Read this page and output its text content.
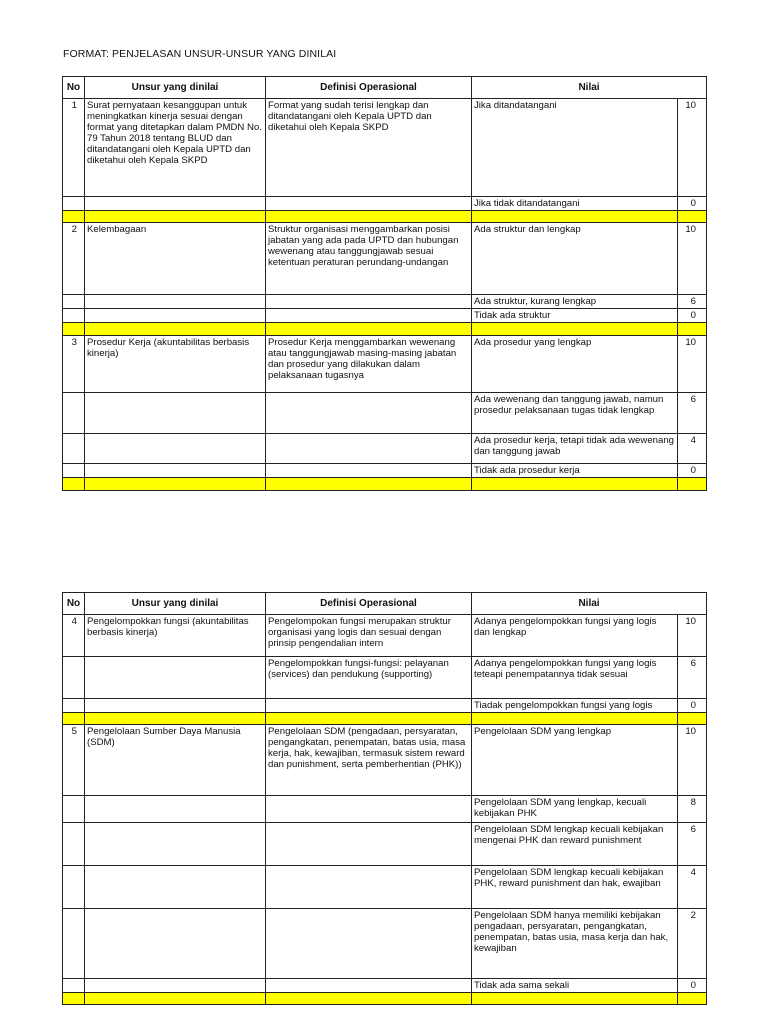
FORMAT: PENJELASAN UNSUR-UNSUR YANG DINILAI
No	Unsur yang dinilai	Definisi Operasional	Nilai	
1	Surat pernyataan kesanggupan untuk meningkatkan kinerja sesuai dengan format yang ditetapkan dalam PMDN No. 79 Tahun 2018 tentang BLUD dan ditandatangani oleh Kepala UPTD dan diketahui oleh Kepala SKPD	Format yang sudah terisi lengkap dan ditandatangani oleh Kepala UPTD dan diketahui oleh Kepala SKPD	Jika ditandatangani	10
			Jika tidak ditandatangani	0

2	Kelembagaan	Struktur organisasi menggambarkan posisi jabatan yang ada pada UPTD dan hubungan wewenang atau tanggungjawab sesuai ketentuan peraturan perundang-undangan	Ada struktur dan lengkap	10
			Ada struktur, kurang lengkap	6
			Tidak ada struktur	0

3	Prosedur Kerja (akuntabilitas berbasis kinerja)	Prosedur Kerja menggambarkan wewenang atau tanggungjawab masing-masing jabatan dan prosedur yang dilakukan dalam pelaksanaan tugasnya	Ada prosedur yang lengkap	10
			Ada wewenang dan tanggung jawab, namun prosedur pelaksanaan tugas tidak lengkap	6
			Ada prosedur kerja, tetapi tidak ada wewenang dan tanggung jawab	4
			Tidak ada prosedur kerja	0

No	Unsur yang dinilai	Definisi Operasional	Nilai	
4	Pengelompokkan fungsi (akuntabilitas berbasis kinerja)	Pengelompokan fungsi merupakan struktur organisasi yang logis dan sesuai dengan prinsip pengendalian intern	Adanya pengelompokkan fungsi yang logis dan lengkap	10
		Pengelompokkan fungsi-fungsi: pelayanan (services) dan pendukung (supporting)	Adanya pengelompokkan fungsi yang logis teteapi penempatannya tidak sesuai	6
			Tiadak pengelompokkan fungsi yang logis	0

5	Pengelolaan Sumber Daya Manusia (SDM)	Pengelolaan SDM (pengadaan, persyaratan, pengangkatan, penempatan, batas usia, masa kerja, hak, kewajiban, termasuk sistem reward dan punishment, serta pemberhentian (PHK))	Pengelolaan SDM yang lengkap	10
			Pengelolaan SDM yang lengkap, kecuali kebijakan PHK	8
			Pengelolaan SDM lengkap kecuali kebijakan mengenai PHK dan reward punishment	6
			Pengelolaan SDM lengkap kecuali kebijakan PHK, reward punishment dan hak, ewajiban	4
			Pengelolaan SDM hanya memiliki kebijakan pengadaan, persyaratan, pengangkatan, penempatan, batas usia, masa kerja dan hak, kewajiban	2
			Tidak ada sama sekali	0
